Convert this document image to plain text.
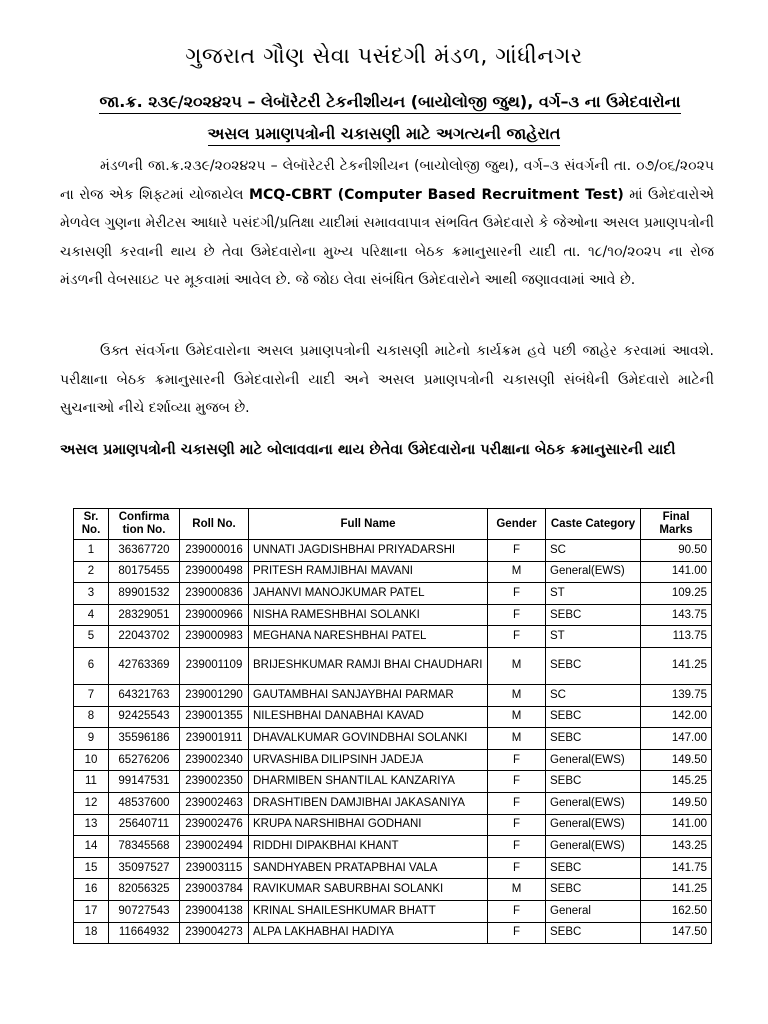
ગુજરાત ગૌણ સેવા પસંદગી મંડળ, ગાંધીનગર
જા.ક્ર. ૨૩૯/૨૦૨૪૨૫ – લેબૉરેટરી ટેકનીશીયન (બાયોલોજી જુથ), વર્ગ–૩ ના ઉમેદવારોના
અસલ પ્રમાણપત્રોની ચકાસણી માટે અગત્યની જાહેરાત

મંડળની જા.ક્ર.૨૩૯/૨૦૨૪૨૫ – લેબૉરેટરી ટેકનીશીયન (બાયોલોજી જુથ), વર્ગ–૩ સંવર્ગની તા. ૦૭/૦૬/૨૦૨૫ ના રોજ એક શિફ્ટમાં યોજાયેલ MCQ-CBRT (Computer Based Recruitment Test) માં ઉમેદવારોએ મેળવેલ ગુણના મેરીટસ આધારે પસંદગી/પ્રતિક્ષા યાદીમાં સમાવવાપાત્ર સંભવિત ઉમેદવારો કે જેઓના અસલ પ્રમાણપત્રોની ચકાસણી કરવાની થાય છે તેવા ઉમેદવારોના મુખ્ય પરિક્ષાના બેઠક ક્રમાનુસારની યાદી તા. ૧૮/૧૦/૨૦૨૫ ના રોજ મંડળની વેબસાઇટ પર મૂકવામાં આવેલ છે. જે જોઇ લેવા સંબંધિત ઉમેદવારોને આથી જણાવવામાં આવે છે.

ઉક્ત સંવર્ગના ઉમેદવારોના અસલ પ્રમાણપત્રોની ચકાસણી માટેનો કાર્યક્રમ હવે પછી જાહેર કરવામાં આવશે. પરીક્ષાના બેઠક ક્રમાનુસારની ઉમેદવારોની યાદી અને અસલ પ્રમાણપત્રોની ચકાસણી સંબંધેની ઉમેદવારો માટેની સુચનાઓ નીચે દર્શાવ્યા મુજબ છે.

અસલ પ્રમાણપત્રોની ચકાસણી માટે બોલાવવાના થાય છેતેવા ઉમેદવારોના પરીક્ષાના બેઠક ક્રમાનુસારની યાદી
Sr. No.	Confirma tion No.	Roll No.	Full Name	Gender	Caste Category	Final Marks
1	36367720	239000016	UNNATI JAGDISHBHAI PRIYADARSHI	F	SC	90.50
2	80175455	239000498	PRITESH RAMJIBHAI MAVANI	M	General(EWS)	141.00
3	89901532	239000836	JAHANVI MANOJKUMAR PATEL	F	ST	109.25
4	28329051	239000966	NISHA RAMESHBHAI SOLANKI	F	SEBC	143.75
5	22043702	239000983	MEGHANA NARESHBHAI PATEL	F	ST	113.75
6	42763369	239001109	BRIJESHKUMAR RAMJI BHAI CHAUDHARI	M	SEBC	141.25
7	64321763	239001290	GAUTAMBHAI SANJAYBHAI PARMAR	M	SC	139.75
8	92425543	239001355	NILESHBHAI DANABHAI KAVAD	M	SEBC	142.00
9	35596186	239001911	DHAVALKUMAR GOVINDBHAI SOLANKI	M	SEBC	147.00
10	65276206	239002340	URVASHIBA DILIPSINH JADEJA	F	General(EWS)	149.50
11	99147531	239002350	DHARMIBEN SHANTILAL KANZARIYA	F	SEBC	145.25
12	48537600	239002463	DRASHTIBEN DAMJIBHAI JAKASANIYA	F	General(EWS)	149.50
13	25640711	239002476	KRUPA NARSHIBHAI GODHANI	F	General(EWS)	141.00
14	78345568	239002494	RIDDHI DIPAKBHAI KHANT	F	General(EWS)	143.25
15	35097527	239003115	SANDHYABEN PRATAPBHAI VALA	F	SEBC	141.75
16	82056325	239003784	RAVIKUMAR SABURBHAI SOLANKI	M	SEBC	141.25
17	90727543	239004138	KRINAL SHAILESHKUMAR BHATT	F	General	162.50
18	11664932	239004273	ALPA LAKHABHAI HADIYA	F	SEBC	147.50
